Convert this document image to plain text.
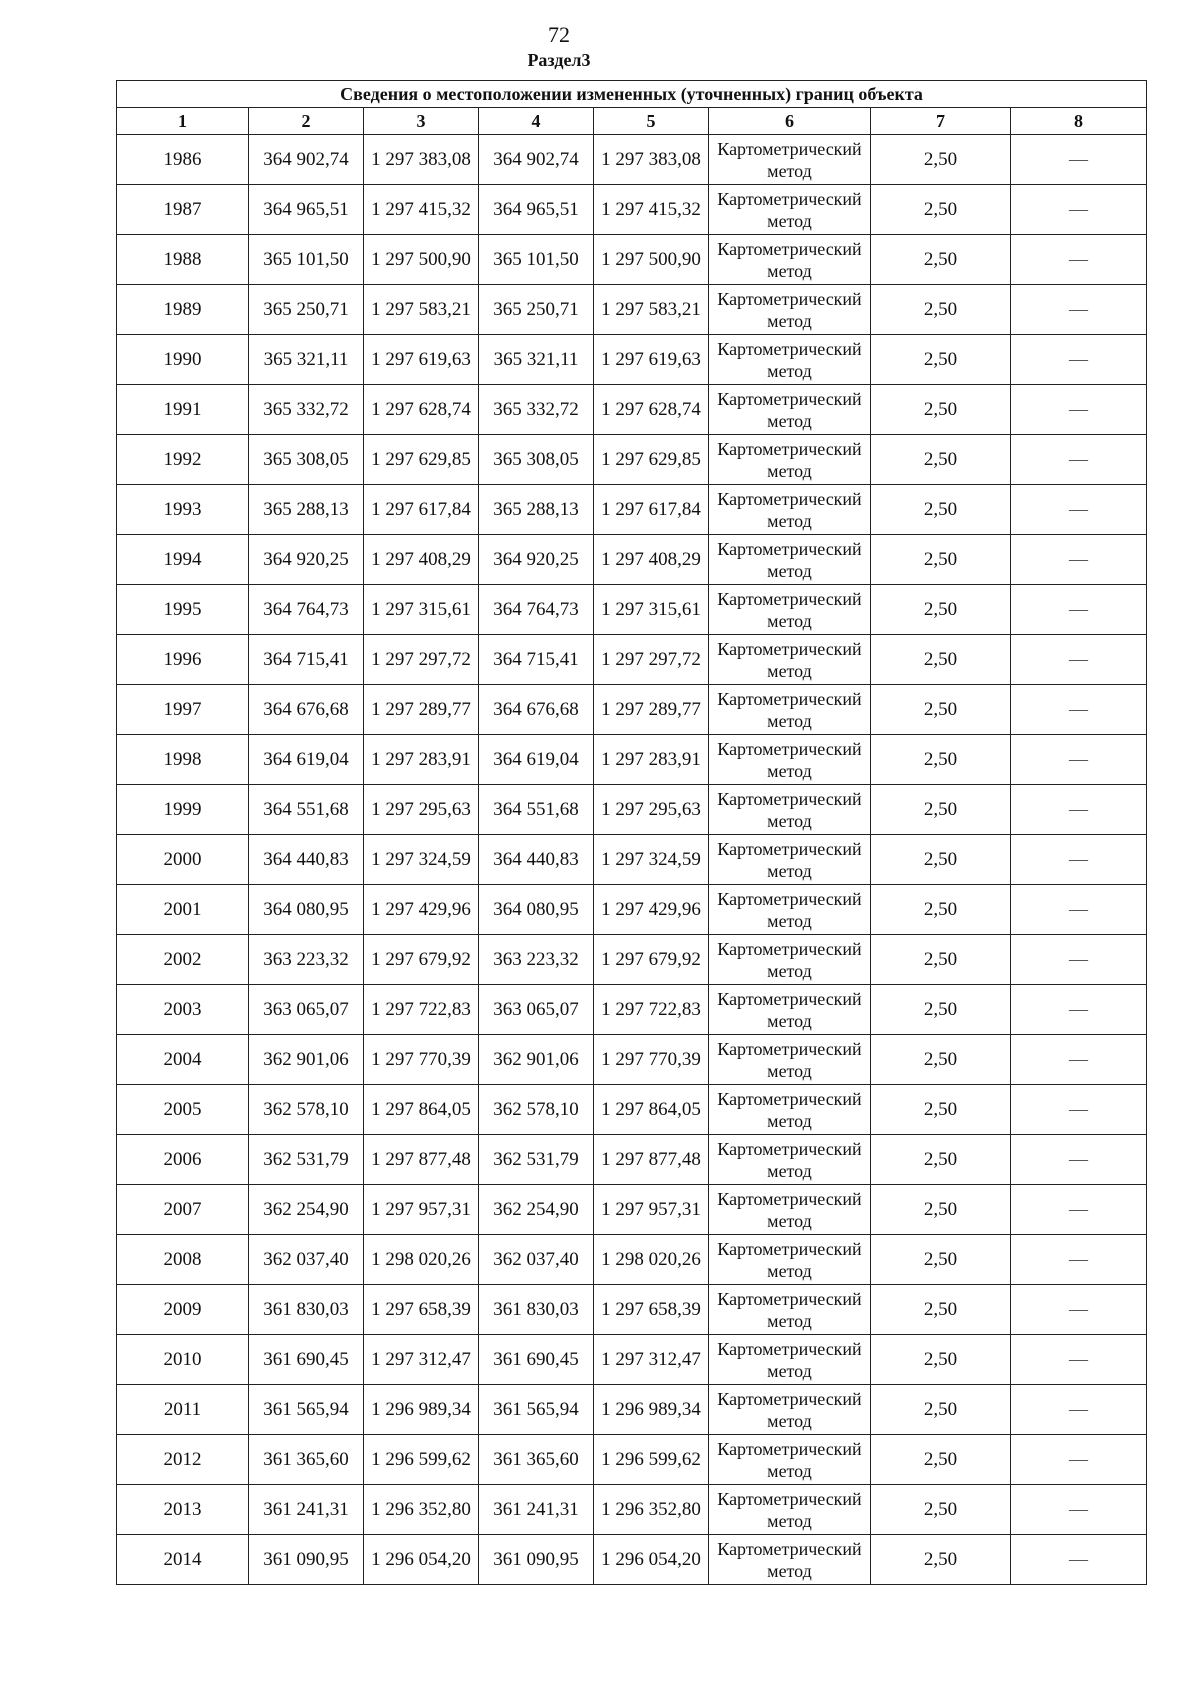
72
Раздел3
Сведения о местоположении измененных (уточненных) границ объекта							
1	2	3	4	5	6	7	8
1986	364 902,74	1 297 383,08	364 902,74	1 297 383,08	Картометрический метод	2,50	—
1987	364 965,51	1 297 415,32	364 965,51	1 297 415,32	Картометрический метод	2,50	—
1988	365 101,50	1 297 500,90	365 101,50	1 297 500,90	Картометрический метод	2,50	—
1989	365 250,71	1 297 583,21	365 250,71	1 297 583,21	Картометрический метод	2,50	—
1990	365 321,11	1 297 619,63	365 321,11	1 297 619,63	Картометрический метод	2,50	—
1991	365 332,72	1 297 628,74	365 332,72	1 297 628,74	Картометрический метод	2,50	—
1992	365 308,05	1 297 629,85	365 308,05	1 297 629,85	Картометрический метод	2,50	—
1993	365 288,13	1 297 617,84	365 288,13	1 297 617,84	Картометрический метод	2,50	—
1994	364 920,25	1 297 408,29	364 920,25	1 297 408,29	Картометрический метод	2,50	—
1995	364 764,73	1 297 315,61	364 764,73	1 297 315,61	Картометрический метод	2,50	—
1996	364 715,41	1 297 297,72	364 715,41	1 297 297,72	Картометрический метод	2,50	—
1997	364 676,68	1 297 289,77	364 676,68	1 297 289,77	Картометрический метод	2,50	—
1998	364 619,04	1 297 283,91	364 619,04	1 297 283,91	Картометрический метод	2,50	—
1999	364 551,68	1 297 295,63	364 551,68	1 297 295,63	Картометрический метод	2,50	—
2000	364 440,83	1 297 324,59	364 440,83	1 297 324,59	Картометрический метод	2,50	—
2001	364 080,95	1 297 429,96	364 080,95	1 297 429,96	Картометрический метод	2,50	—
2002	363 223,32	1 297 679,92	363 223,32	1 297 679,92	Картометрический метод	2,50	—
2003	363 065,07	1 297 722,83	363 065,07	1 297 722,83	Картометрический метод	2,50	—
2004	362 901,06	1 297 770,39	362 901,06	1 297 770,39	Картометрический метод	2,50	—
2005	362 578,10	1 297 864,05	362 578,10	1 297 864,05	Картометрический метод	2,50	—
2006	362 531,79	1 297 877,48	362 531,79	1 297 877,48	Картометрический метод	2,50	—
2007	362 254,90	1 297 957,31	362 254,90	1 297 957,31	Картометрический метод	2,50	—
2008	362 037,40	1 298 020,26	362 037,40	1 298 020,26	Картометрический метод	2,50	—
2009	361 830,03	1 297 658,39	361 830,03	1 297 658,39	Картометрический метод	2,50	—
2010	361 690,45	1 297 312,47	361 690,45	1 297 312,47	Картометрический метод	2,50	—
2011	361 565,94	1 296 989,34	361 565,94	1 296 989,34	Картометрический метод	2,50	—
2012	361 365,60	1 296 599,62	361 365,60	1 296 599,62	Картометрический метод	2,50	—
2013	361 241,31	1 296 352,80	361 241,31	1 296 352,80	Картометрический метод	2,50	—
2014	361 090,95	1 296 054,20	361 090,95	1 296 054,20	Картометрический метод	2,50	—
